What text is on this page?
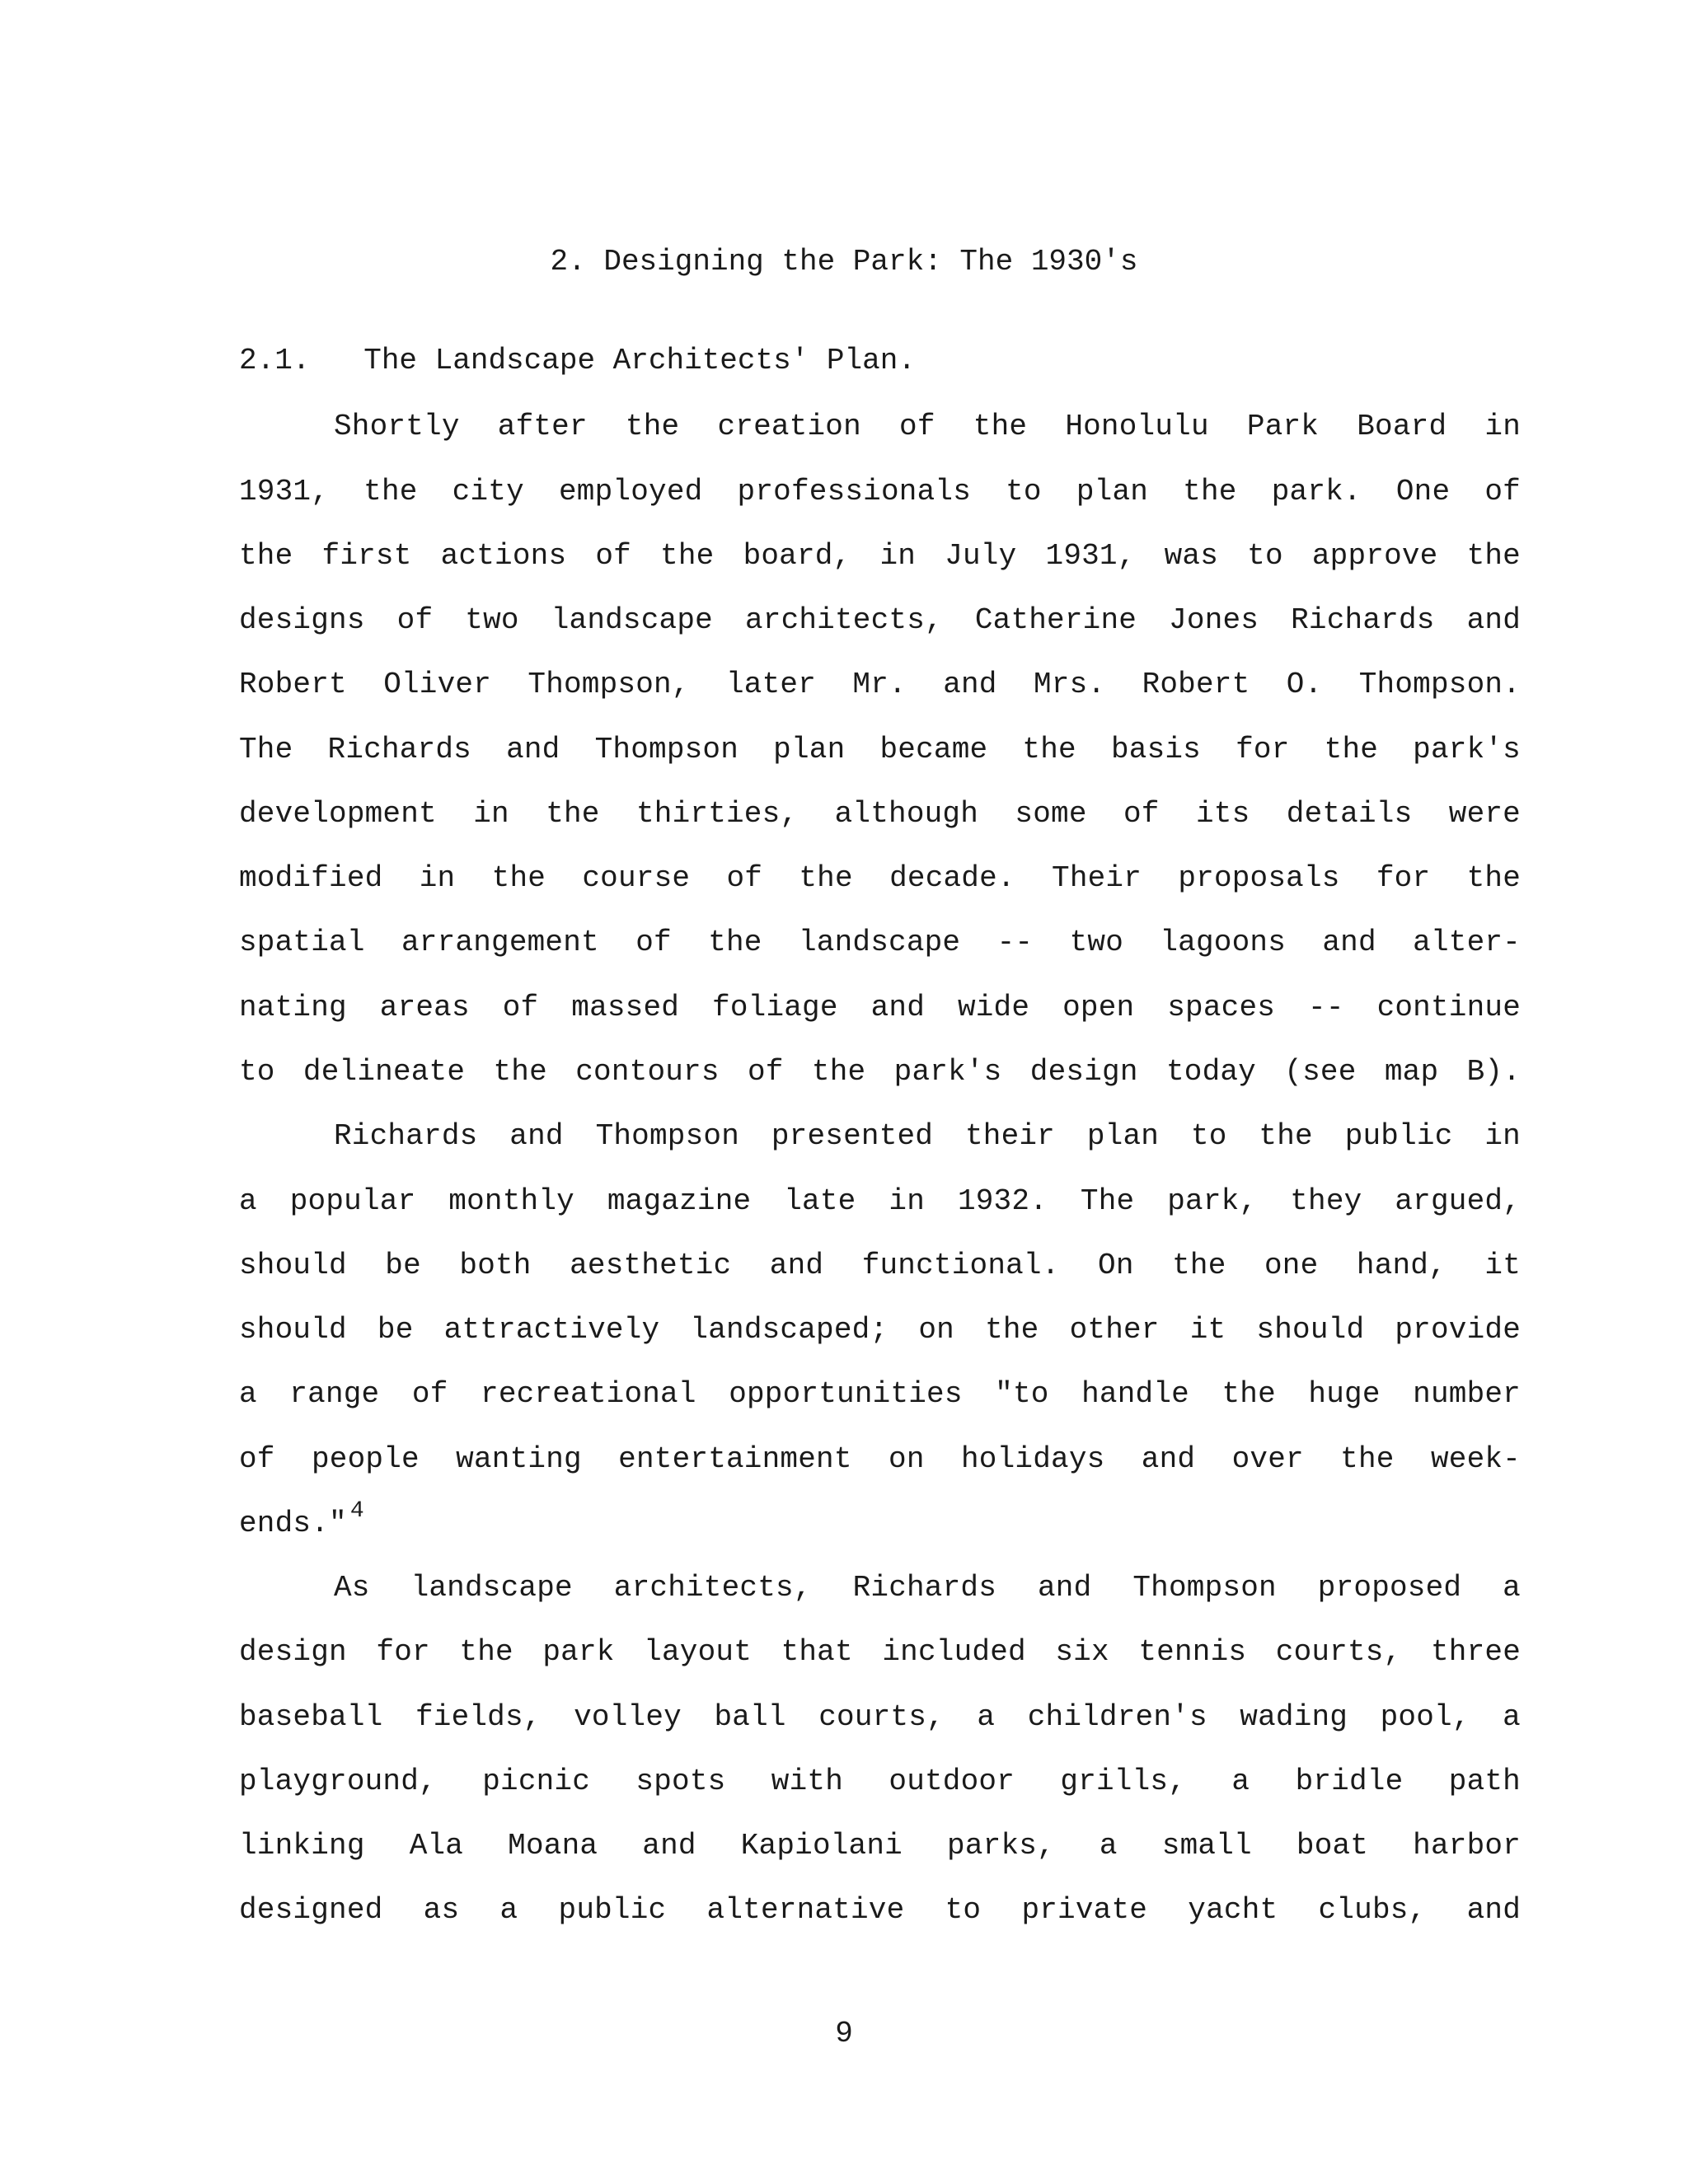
2. Designing the Park: The 1930's
2.1.   The Landscape Architects' Plan.
Shortly after the creation of the Honolulu Park Board in
1931, the city employed professionals to plan the park. One of
the first actions of the board, in July 1931, was to approve the
designs of two landscape architects, Catherine Jones Richards and
Robert Oliver Thompson, later Mr. and Mrs. Robert O. Thompson.
The Richards and Thompson plan became the basis for the park's
development in the thirties, although some of its details were
modified in the course of the decade. Their proposals for the
spatial arrangement of the landscape -- two lagoons and alter-
nating areas of massed foliage and wide open spaces -- continue
to delineate the contours of the park's design today (see map B).
Richards and Thompson presented their plan to the public in
a popular monthly magazine late in 1932. The park, they argued,
should be both aesthetic and functional. On the one hand, it
should be attractively landscaped; on the other it should provide
a range of recreational opportunities "to handle the huge number
of people wanting entertainment on holidays and over the week-
ends." $^4$
As landscape architects, Richards and Thompson proposed a
design for the park layout that included six tennis courts, three
baseball fields, volley ball courts, a children's wading pool, a
playground, picnic spots with outdoor grills, a bridle path
linking Ala Moana and Kapiolani parks, a small boat harbor
designed as a public alternative to private yacht clubs, and
9
